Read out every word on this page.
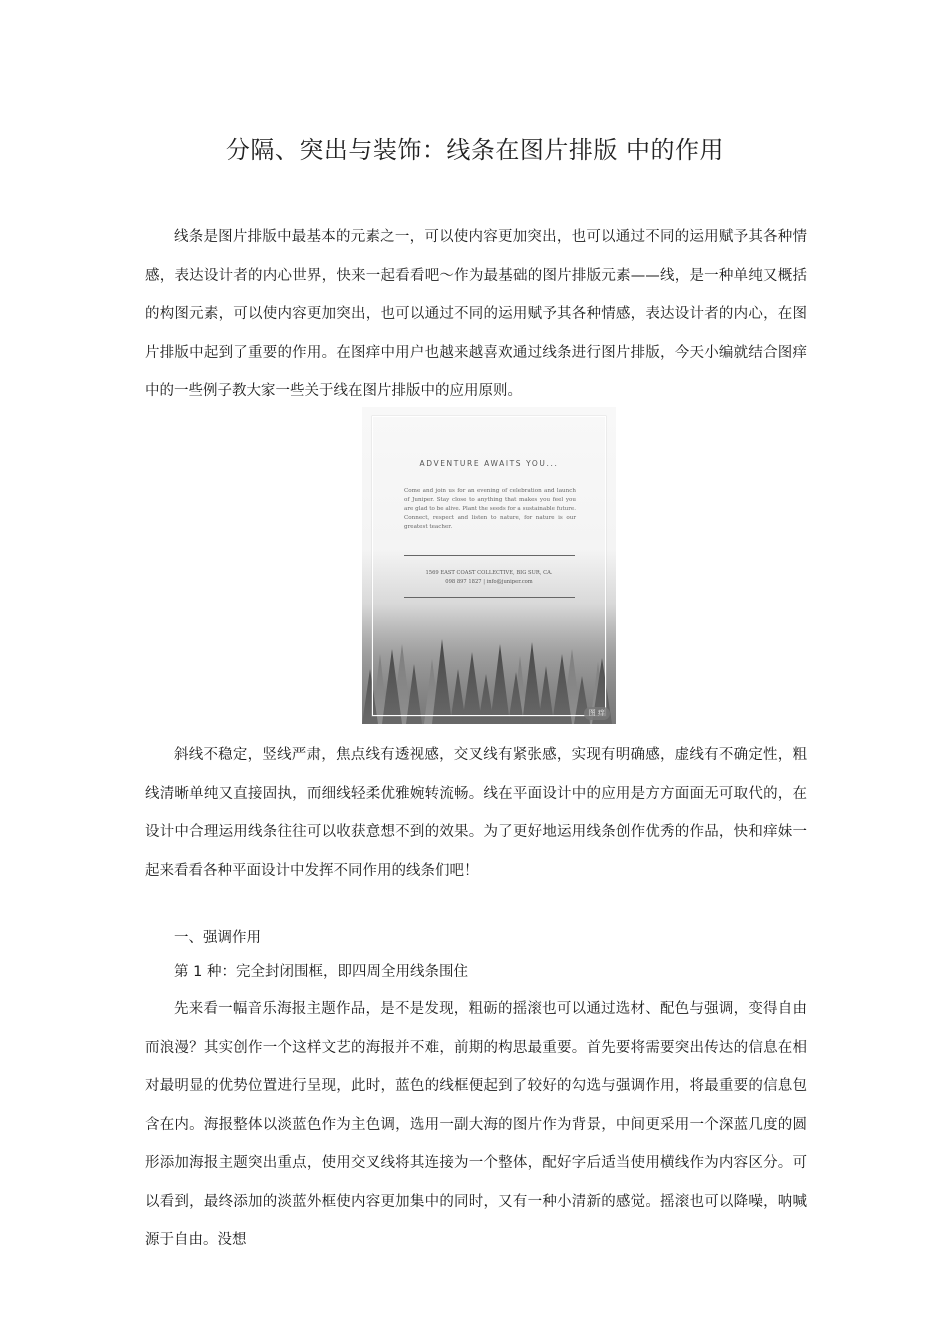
分隔、突出与装饰：线条在图片排版 中的作用

线条是图片排版中最基本的元素之一，可以使内容更加突出，也可以通过不同的运用赋予其各种情感，表达设计者的内心世界，快来一起看看吧～作为最基础的图片排版元素——线，是一种单纯又概括的构图元素，可以使内容更加突出，也可以通过不同的运用赋予其各种情感，表达设计者的内心，在图片排版中起到了重要的作用。在图痒中用户也越来越喜欢通过线条进行图片排版，今天小编就结合图痒中的一些例子教大家一些关于线在图片排版中的应用原则。

ADVENTURE AWAITS YOU...
Come and join us for an evening of celebration and launch of Juniper. Stay close to anything that makes you feel you are glad to be alive. Plant the seeds for a sustainable future. Connect, respect and listen to nature, for nature is our greatest teacher.
1569 EAST COAST COLLECTIVE, BIG SUR, CA.
098 897 1827 | info@juniper.com
图 痒

斜线不稳定，竖线严肃，焦点线有透视感，交叉线有紧张感，实现有明确感，虚线有不确定性，粗线清晰单纯又直接固执，而细线轻柔优雅婉转流畅。线在平面设计中的应用是方方面面无可取代的，在设计中合理运用线条往往可以收获意想不到的效果。为了更好地运用线条创作优秀的作品，快和痒妹一起来看看各种平面设计中发挥不同作用的线条们吧！

一、强调作用

第 1 种：完全封闭围框，即四周全用线条围住

先来看一幅音乐海报主题作品，是不是发现，粗砺的摇滚也可以通过选材、配色与强调，变得自由而浪漫？其实创作一个这样文艺的海报并不难，前期的构思最重要。首先要将需要突出传达的信息在相对最明显的优势位置进行呈现，此时，蓝色的线框便起到了较好的勾选与强调作用，将最重要的信息包含在内。海报整体以淡蓝色作为主色调，选用一副大海的图片作为背景，中间更采用一个深蓝几度的圆形添加海报主题突出重点，使用交叉线将其连接为一个整体，配好字后适当使用横线作为内容区分。可以看到，最终添加的淡蓝外框使内容更加集中的同时，又有一种小清新的感觉。摇滚也可以降噪，呐喊源于自由。没想
